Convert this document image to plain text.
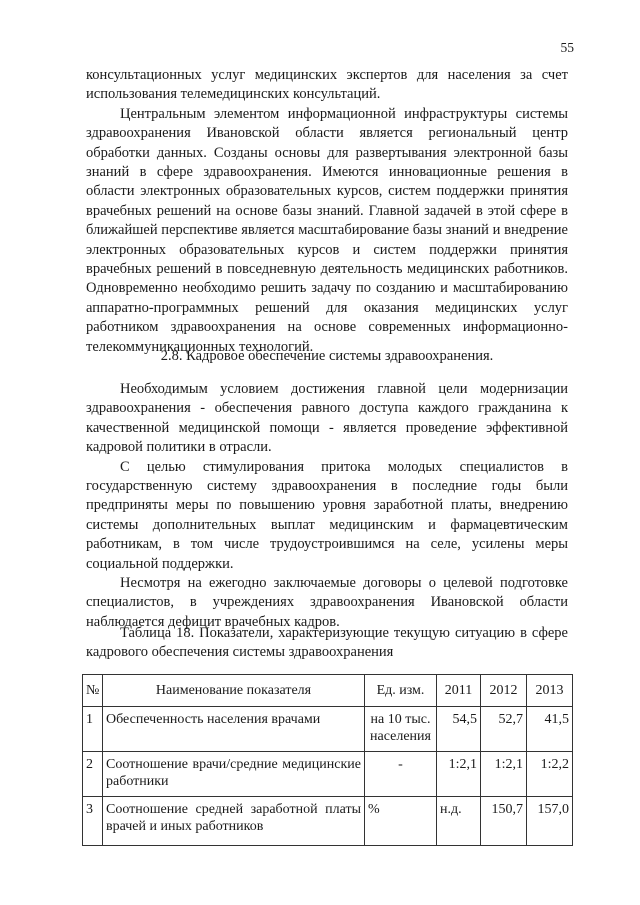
55

консультационных услуг медицинских экспертов для населения за счет использования телемедицинских консультаций.

Центральным элементом информационной инфраструктуры системы здравоохранения Ивановской области является региональный центр обработки данных. Созданы основы для развертывания электронной базы знаний в сфере здравоохранения. Имеются инновационные решения в области электронных образовательных курсов, систем поддержки принятия врачебных решений на основе базы знаний. Главной задачей в этой сфере в ближайшей перспективе является масштабирование базы знаний и внедрение электронных образовательных курсов и систем поддержки принятия врачебных решений в повседневную деятельность медицинских работников. Одновременно необходимо решить задачу по созданию и масштабированию аппаратно-программных решений для оказания медицинских услуг работником здравоохранения на основе современных информационно-телекоммуникационных технологий.

2.8. Кадровое обеспечение системы здравоохранения.

Необходимым условием достижения главной цели модернизации здравоохранения - обеспечения равного доступа каждого гражданина к качественной медицинской помощи - является проведение эффективной кадровой политики в отрасли.

С целью стимулирования притока молодых специалистов в государственную систему здравоохранения в последние годы были предприняты меры по повышению уровня заработной платы, внедрению системы дополнительных выплат медицинским и фармацевтическим работникам, в том числе трудоустроившимся на селе, усилены меры социальной поддержки.

Несмотря на ежегодно заключаемые договоры о целевой подготовке специалистов, в учреждениях здравоохранения Ивановской области наблюдается дефицит врачебных кадров.

Таблица 18. Показатели, характеризующие текущую ситуацию в сфере кадрового обеспечения системы здравоохранения

№	Наименование показателя	Ед. изм.	2011	2012	2013
1	Обеспеченность населения врачами	на 10 тыс. населения	54,5	52,7	41,5
2	Соотношение врачи/средние медицинские работники	-	1:2,1	1:2,1	1:2,2
3	Соотношение средней заработной платы врачей и иных работников	%	н.д.	150,7	157,0
